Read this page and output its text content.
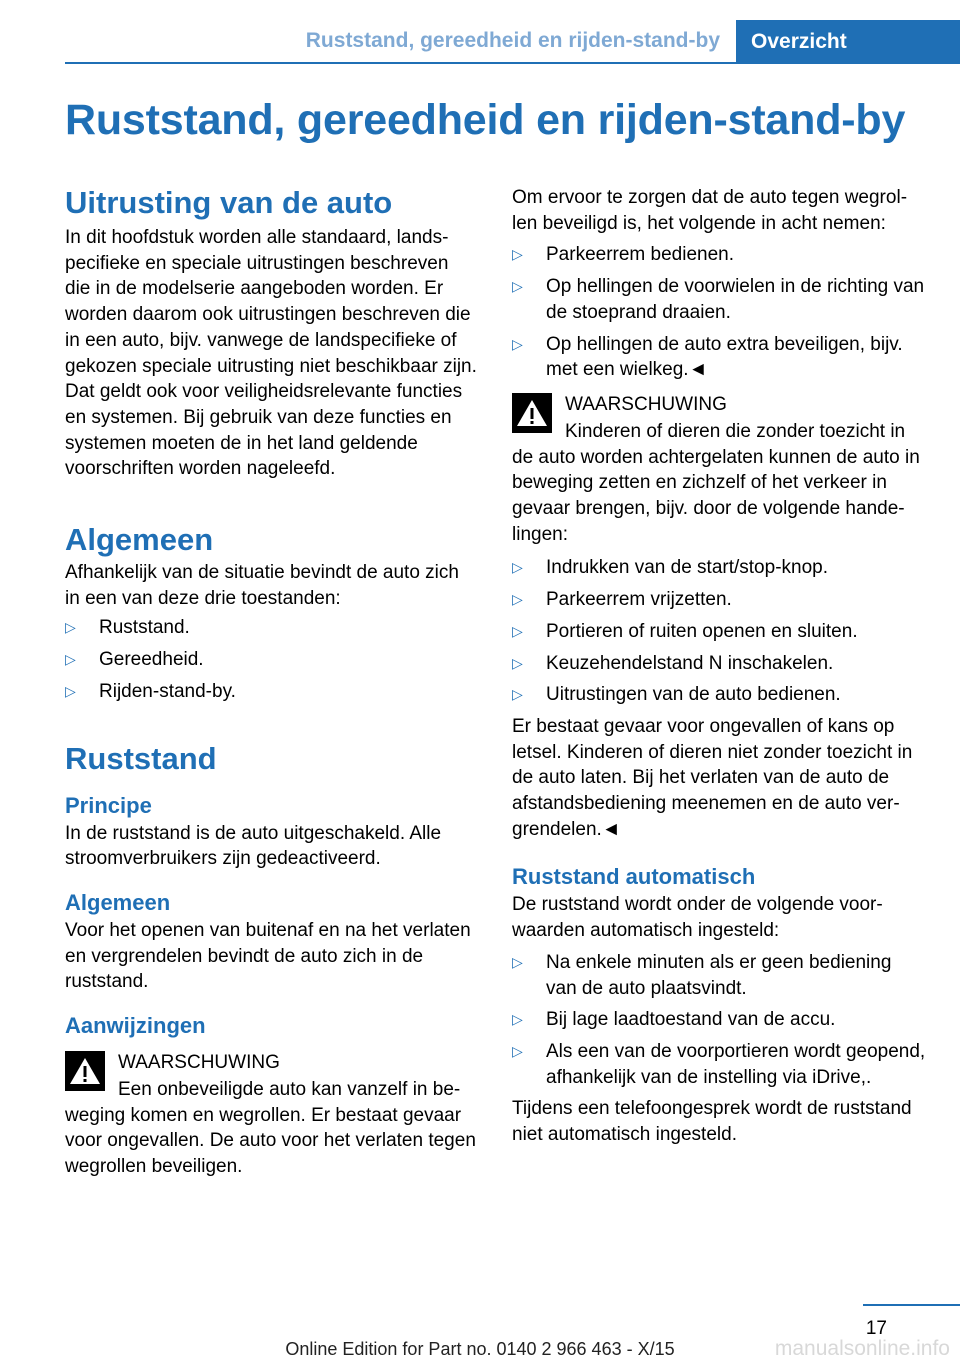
Ruststand, gereedheid en rijden-stand-by	Overzicht
Ruststand, gereedheid en rijden-stand-by
Uitrusting van de auto

In dit hoofdstuk worden alle standaard, landspecifieke en speciale uitrustingen beschreven die in de modelserie aangeboden worden. Er worden daarom ook uitrustingen beschreven die in een auto, bijv. vanwege de landspecifieke of gekozen speciale uitrusting niet beschikbaar zijn. Dat geldt ook voor veiligheidsrelevante functies en systemen. Bij gebruik van deze functies en systemen moeten de in het land geldende voorschriften worden nageleefd.

Algemeen

Afhankelijk van de situatie bevindt de auto zich in een van deze drie toestanden:

▷	Ruststand.
▷	Gereedheid.
▷	Rijden-stand-by.
Ruststand
Principe

In de ruststand is de auto uitgeschakeld. Alle stroomverbruikers zijn gedeactiveerd.

Algemeen

Voor het openen van buitenaf en na het verlaten en vergrendelen bevindt de auto zich in de ruststand.

Aanwijzingen
WAARSCHUWING
Een onbeveiligde auto kan vanzelf in beweging komen en wegrollen. Er bestaat gevaar voor ongevallen. De auto voor het verlaten tegen wegrollen beveiligen.

Om ervoor te zorgen dat de auto tegen wegrollen beveiligd is, het volgende in acht nemen:

▷	Parkeerrem bedienen.
▷	Op hellingen de voorwielen in de richting van de stoeprand draaien.
▷	Op hellingen de auto extra beveiligen, bijv. met een wielkeg.◄
WAARSCHUWING
Kinderen of dieren die zonder toezicht in de auto worden achtergelaten kunnen de auto in beweging zetten en zichzelf of het verkeer in gevaar brengen, bijv. door de volgende handelingen:
▷	Indrukken van de start/stop-knop.
▷	Parkeerrem vrijzetten.
▷	Portieren of ruiten openen en sluiten.
▷	Keuzehendelstand N inschakelen.
▷	Uitrustingen van de auto bedienen.

Er bestaat gevaar voor ongevallen of kans op letsel. Kinderen of dieren niet zonder toezicht in de auto laten. Bij het verlaten van de auto de afstandsbediening meenemen en de auto vergrendelen.◄

Ruststand automatisch

De ruststand wordt onder de volgende voorwaarden automatisch ingesteld:

▷	Na enkele minuten als er geen bediening van de auto plaatsvindt.
▷	Bij lage laadtoestand van de accu.
▷	Als een van de voorportieren wordt geopend, afhankelijk van de instelling via iDrive,.

Tijdens een telefoongesprek wordt de ruststand niet automatisch ingesteld.

17
manualsonline.info
Online Edition for Part no. 0140 2 966 463 - X/15
